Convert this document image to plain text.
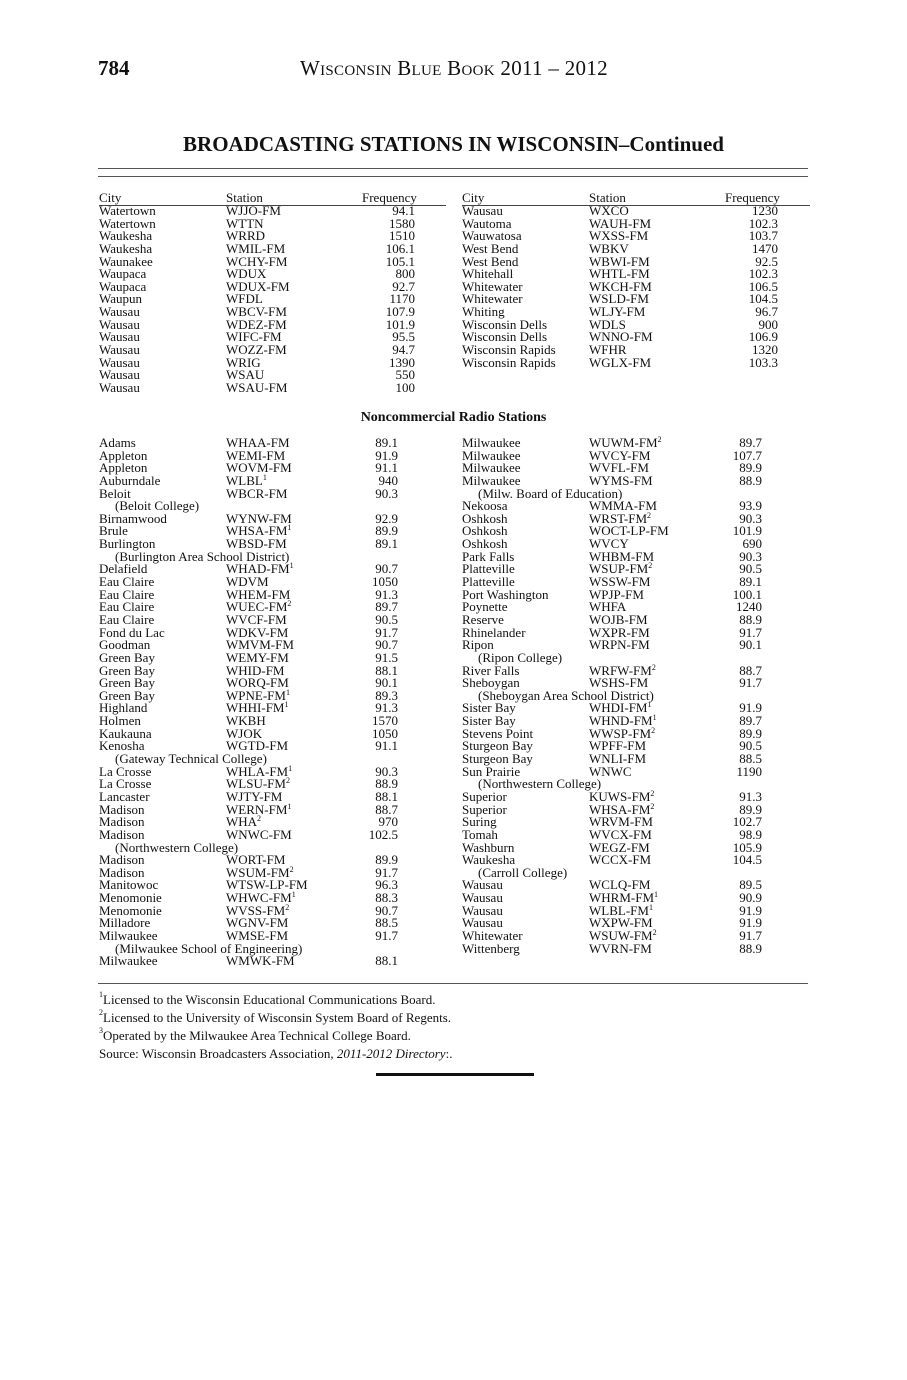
784	Wisconsin Blue Book 2011 – 2012
BROADCASTING STATIONS IN WISCONSIN–Continued
City	Station	Frequency
Watertown	WJJO-FM	94.1
Watertown	WTTN	1580
Waukesha	WRRD	1510
Waukesha	WMIL-FM	106.1
Waunakee	WCHY-FM	105.1
Waupaca	WDUX	800
Waupaca	WDUX-FM	92.7
Waupun	WFDL	1170
Wausau	WBCV-FM	107.9
Wausau	WDEZ-FM	101.9
Wausau	WIFC-FM	95.5
Wausau	WOZZ-FM	94.7
Wausau	WRIG	1390
Wausau	WSAU	550
Wausau	WSAU-FM	100
City	Station	Frequency
Wausau	WXCO	1230
Wautoma	WAUH-FM	102.3
Wauwatosa	WXSS-FM	103.7
West Bend	WBKV	1470
West Bend	WBWI-FM	92.5
Whitehall	WHTL-FM	102.3
Whitewater	WKCH-FM	106.5
Whitewater	WSLD-FM	104.5
Whiting	WLJY-FM	96.7
Wisconsin Dells	WDLS	900
Wisconsin Dells	WNNO-FM	106.9
Wisconsin Rapids	WFHR	1320
Wisconsin Rapids	WGLX-FM	103.3
Noncommercial Radio Stations
Adams	WHAA-FM	89.1
Appleton	WEMI-FM	91.9
Appleton	WOVM-FM	91.1
Auburndale	WLBL$^1$	940
Beloit	WBCR-FM	90.3
(Beloit College)
Birnamwood	WYNW-FM	92.9
Brule	WHSA-$FM^1$	89.9
Burlington	WBSD-FM	89.1
(Burlington Area School District)
Delafield	WHAD-$FM^1$	90.7
Eau Claire	WDVM	1050
Eau Claire	WHEM-FM	91.3
Eau Claire	WUEC-$FM^2$	89.7
Eau Claire	WVCF-FM	90.5
Fond du Lac	WDKV-FM	91.7
Goodman	WMVM-FM	90.7
Green Bay	WEMY-FM	91.5
Green Bay	WHID-FM	88.1
Green Bay	WORQ-FM	90.1
Green Bay	WPNE-$FM^1$	89.3
Highland	WHHI-$FM^1$	91.3
Holmen	WKBH	1570
Kaukauna	WJOK	1050
Kenosha	WGTD-FM	91.1
(Gateway Technical College)
La Crosse	WHLA-$FM^1$	90.3
La Crosse	WLSU-$FM^2$	88.9
Lancaster	WJTY-FM	88.1
Madison	WERN-$FM^1$	88.7
Madison	WHA$^2$	970
Madison	WNWC-FM	102.5
(Northwestern College)
Madison	WORT-FM	89.9
Madison	WSUM-$FM^2$	91.7
Manitowoc	WTSW-LP-FM	96.3
Menomonie	WHWC-$FM^1$	88.3
Menomonie	WVSS-$FM^2$	90.7
Milladore	WGNV-FM	88.5
Milwaukee	WMSE-FM	91.7
(Milwaukee School of Engineering)
Milwaukee	WMWK-FM	88.1
Milwaukee	WUWM-$FM^2$	89.7
Milwaukee	WVCY-FM	107.7
Milwaukee	WVFL-FM	89.9
Milwaukee	WYMS-FM	88.9
(Milw. Board of Education)
Nekoosa	WMMA-FM	93.9
Oshkosh	WRST-$FM^2$	90.3
Oshkosh	WOCT-LP-FM	101.9
Oshkosh	WVCY	690
Park Falls	WHBM-FM	90.3
Platteville	WSUP-$FM^2$	90.5
Platteville	WSSW-FM	89.1
Port Washington	WPJP-FM	100.1
Poynette	WHFA	1240
Reserve	WOJB-FM	88.9
Rhinelander	WXPR-FM	91.7
Ripon	WRPN-FM	90.1
(Ripon College)
River Falls	WRFW-$FM^2$	88.7
Sheboygan	WSHS-FM	91.7
(Sheboygan Area School District)
Sister Bay	WHDI-$FM^1$	91.9
Sister Bay	WHND-$FM^1$	89.7
Stevens Point	WWSP-$FM^2$	89.9
Sturgeon Bay	WPFF-FM	90.5
Sturgeon Bay	WNLI-FM	88.5
Sun Prairie	WNWC	1190
(Northwestern College)
Superior	KUWS-$FM^2$	91.3
Superior	WHSA-$FM^2$	89.9
Suring	WRVM-FM	102.7
Tomah	WVCX-FM	98.9
Washburn	WEGZ-FM	105.9
Waukesha	WCCX-FM	104.5
(Carroll College)
Wausau	WCLQ-FM	89.5
Wausau	WHRM-$FM^1$	90.9
Wausau	WLBL-$FM^1$	91.9
Wausau	WXPW-FM	91.9
Whitewater	WSUW-$FM^2$	91.7
Wittenberg	WVRN-FM	88.9
$^1$Licensed to the Wisconsin Educational Communications Board.
$^2$Licensed to the University of Wisconsin System Board of Regents.
$^3$Operated by the Milwaukee Area Technical College Board.
Source: Wisconsin Broadcasters Association, 2011-2012 Directory:.
